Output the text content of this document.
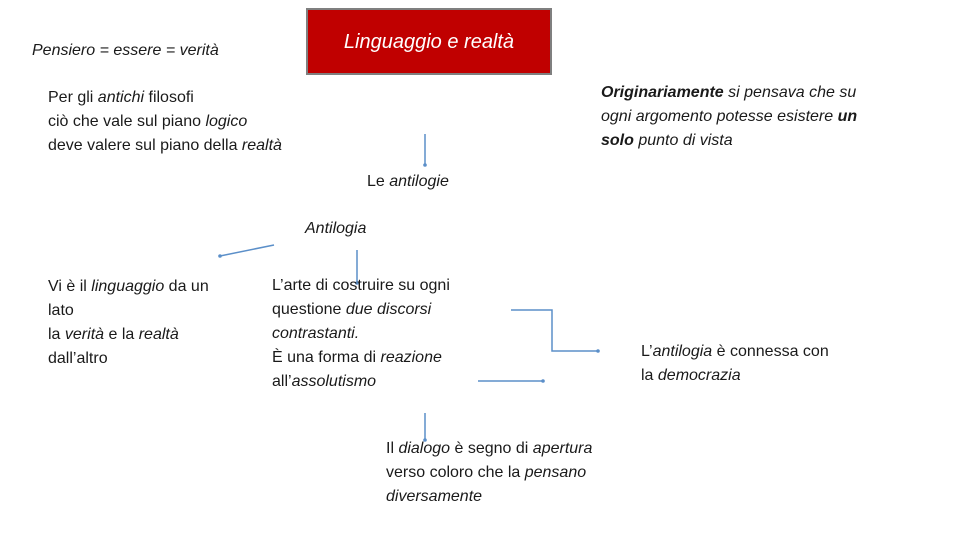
Pensiero = essere = verità	Linguaggio e realtà
Per gli antichi filosofi
ciò che vale sul piano logico
deve valere sul piano della realtà
Originariamente si pensava che su
ogni argomento potesse esistere un
solo punto di vista
Le antilogie
Antilogia
Vi è il linguaggio da un
lato
la verità e la realtà
dall’altro
L’arte di costruire su ogni
questione due discorsi
contrastanti.
È una forma di reazione
all’assolutismo
L’antilogia è connessa con
la democrazia
Il dialogo è segno di apertura
verso coloro che la pensano
diversamente
